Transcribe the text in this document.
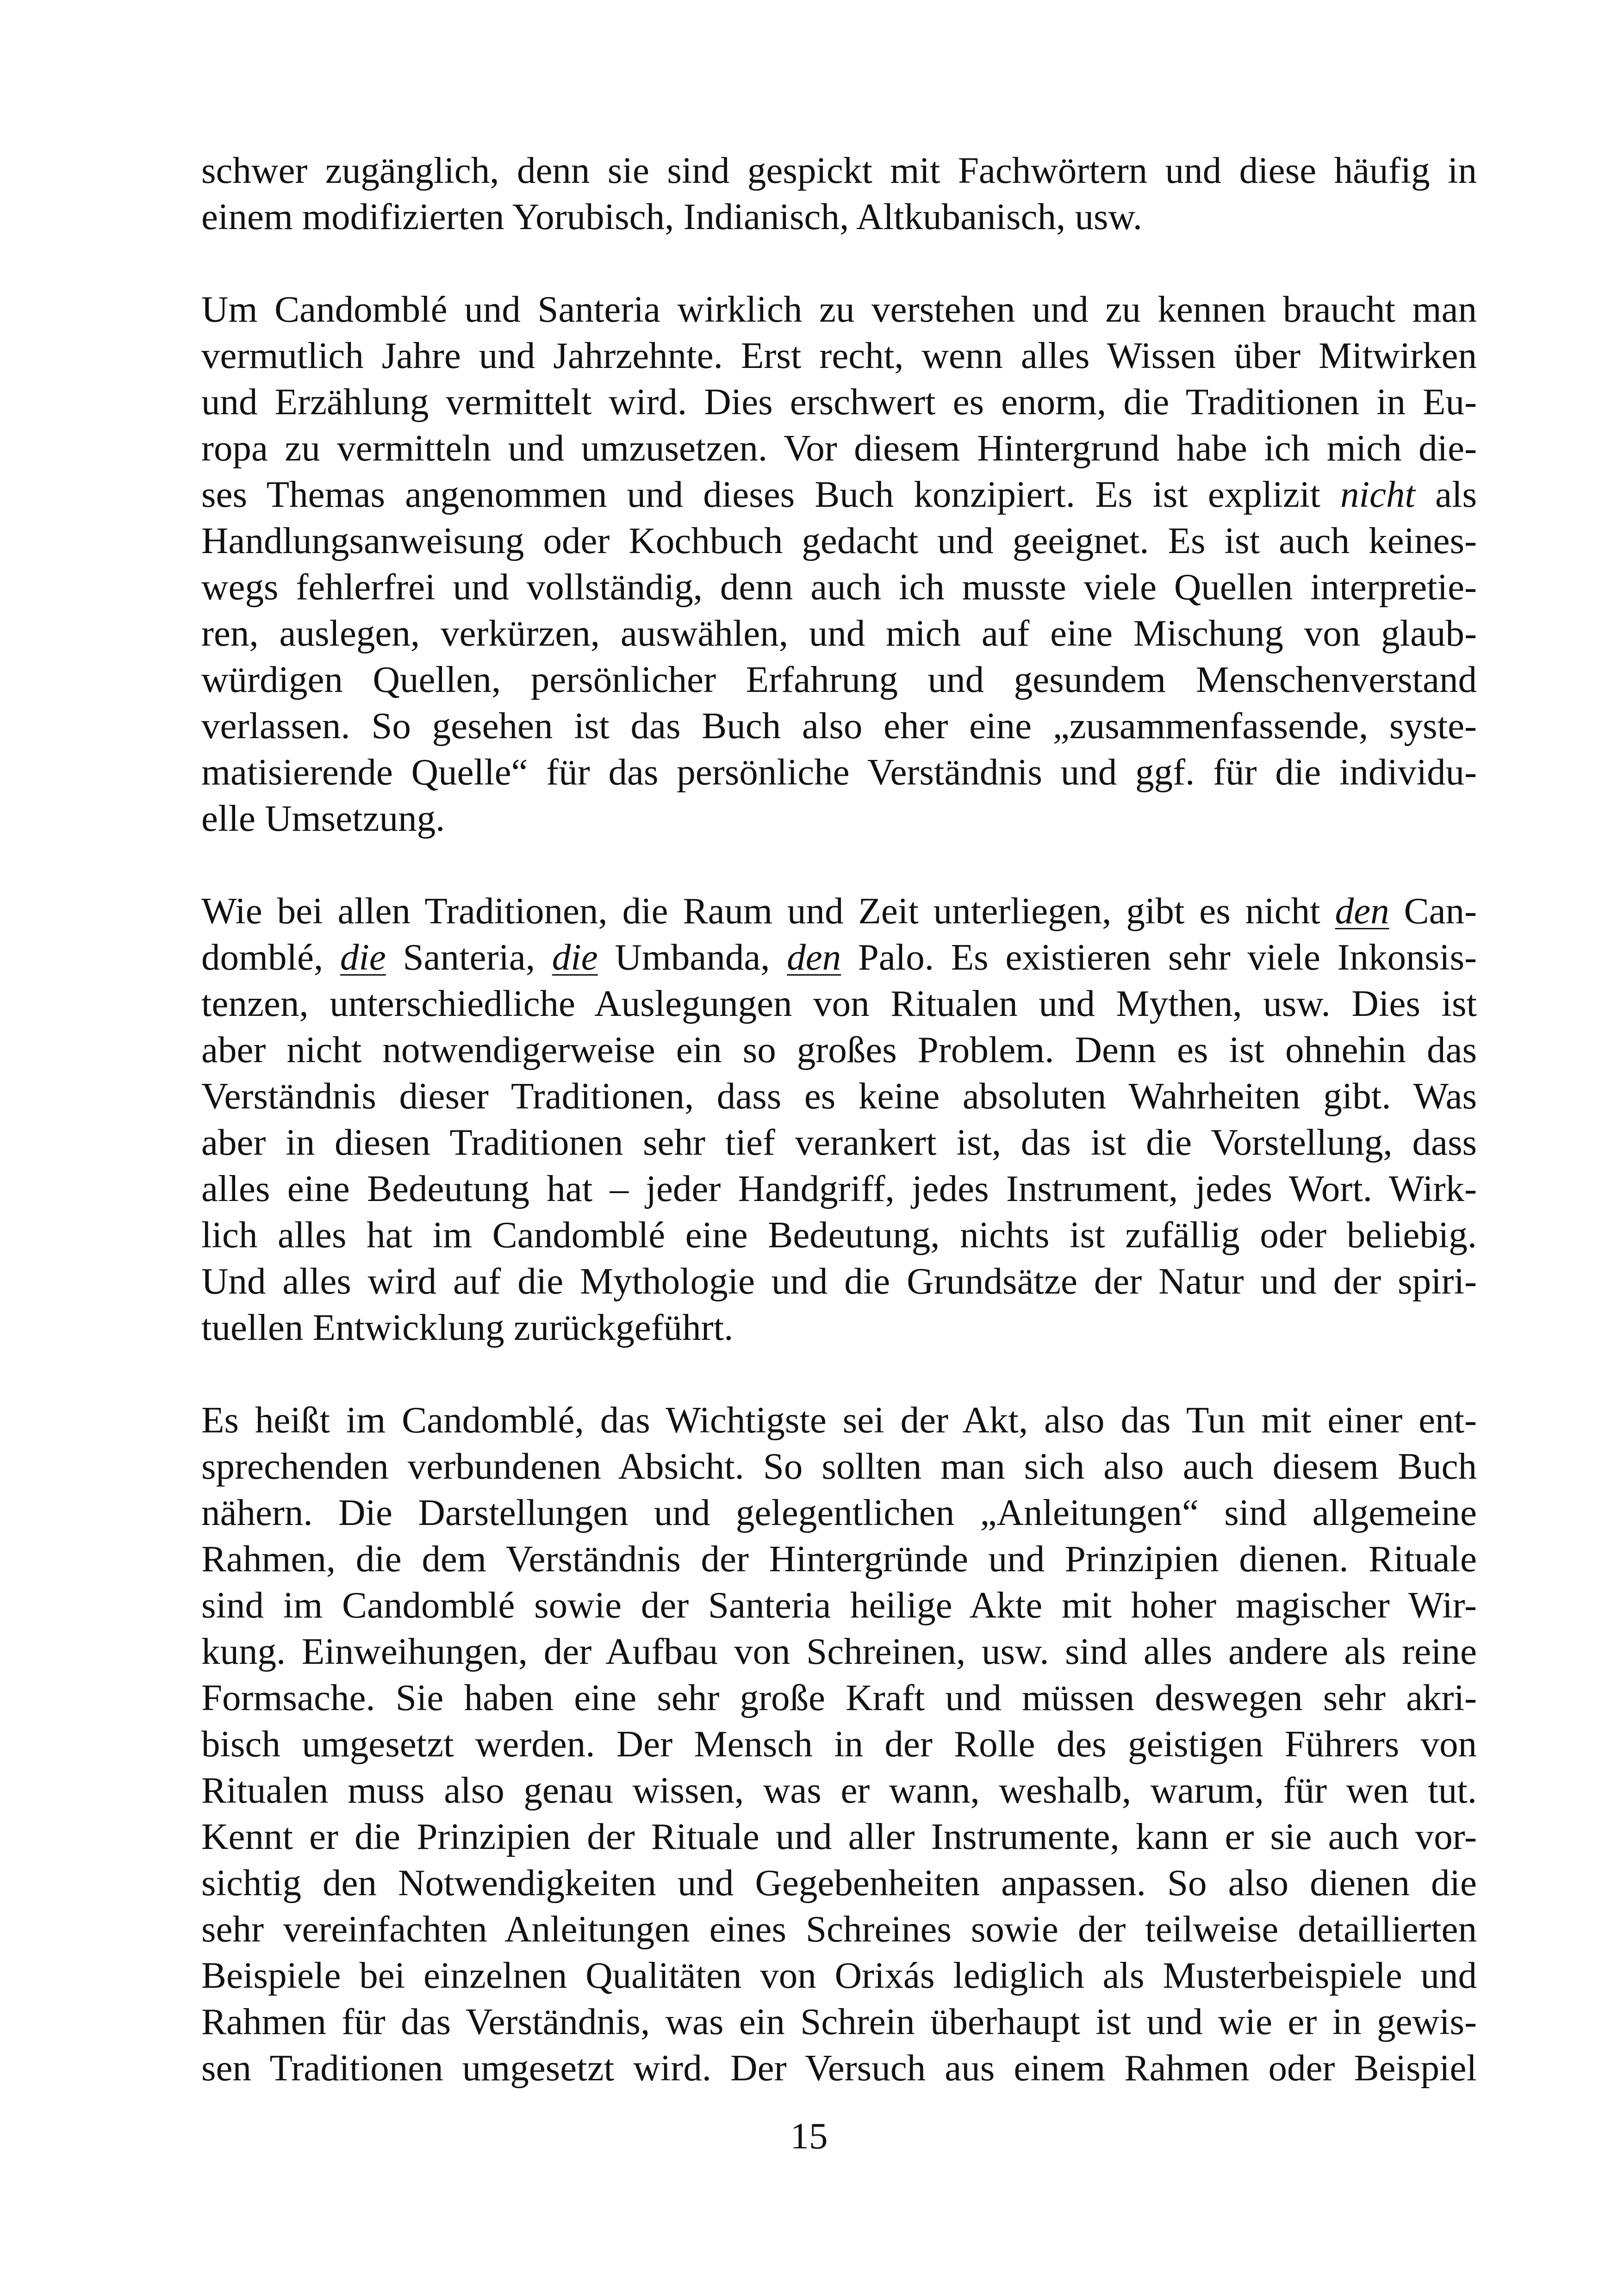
schwer zugänglich, denn sie sind gespickt mit Fachwörtern und diese häufig in
einem modifizierten Yorubisch, Indianisch, Altkubanisch, usw.
Um Candomblé und Santeria wirklich zu verstehen und zu kennen braucht man
vermutlich Jahre und Jahrzehnte. Erst recht, wenn alles Wissen über Mitwirken
und Erzählung vermittelt wird. Dies erschwert es enorm, die Traditionen in Eu-
ropa zu vermitteln und umzusetzen. Vor diesem Hintergrund habe ich mich die-
ses Themas angenommen und dieses Buch konzipiert. Es ist explizit nicht als
Handlungsanweisung oder Kochbuch gedacht und geeignet. Es ist auch keines-
wegs fehlerfrei und vollständig, denn auch ich musste viele Quellen interpretie-
ren, auslegen, verkürzen, auswählen, und mich auf eine Mischung von glaub-
würdigen Quellen, persönlicher Erfahrung und gesundem Menschenverstand
verlassen. So gesehen ist das Buch also eher eine „zusammenfassende, syste-
matisierende Quelle“ für das persönliche Verständnis und ggf. für die individu-
elle Umsetzung.
Wie bei allen Traditionen, die Raum und Zeit unterliegen, gibt es nicht den Can-
domblé, die Santeria, die Umbanda, den Palo. Es existieren sehr viele Inkonsis-
tenzen, unterschiedliche Auslegungen von Ritualen und Mythen, usw. Dies ist
aber nicht notwendigerweise ein so großes Problem. Denn es ist ohnehin das
Verständnis dieser Traditionen, dass es keine absoluten Wahrheiten gibt. Was
aber in diesen Traditionen sehr tief verankert ist, das ist die Vorstellung, dass
alles eine Bedeutung hat – jeder Handgriff, jedes Instrument, jedes Wort. Wirk-
lich alles hat im Candomblé eine Bedeutung, nichts ist zufällig oder beliebig.
Und alles wird auf die Mythologie und die Grundsätze der Natur und der spiri-
tuellen Entwicklung zurückgeführt.
Es heißt im Candomblé, das Wichtigste sei der Akt, also das Tun mit einer ent-
sprechenden verbundenen Absicht. So sollten man sich also auch diesem Buch
nähern. Die Darstellungen und gelegentlichen „Anleitungen“ sind allgemeine
Rahmen, die dem Verständnis der Hintergründe und Prinzipien dienen. Rituale
sind im Candomblé sowie der Santeria heilige Akte mit hoher magischer Wir-
kung. Einweihungen, der Aufbau von Schreinen, usw. sind alles andere als reine
Formsache. Sie haben eine sehr große Kraft und müssen deswegen sehr akri-
bisch umgesetzt werden. Der Mensch in der Rolle des geistigen Führers von
Ritualen muss also genau wissen, was er wann, weshalb, warum, für wen tut.
Kennt er die Prinzipien der Rituale und aller Instrumente, kann er sie auch vor-
sichtig den Notwendigkeiten und Gegebenheiten anpassen. So also dienen die
sehr vereinfachten Anleitungen eines Schreines sowie der teilweise detaillierten
Beispiele bei einzelnen Qualitäten von Orixás lediglich als Musterbeispiele und
Rahmen für das Verständnis, was ein Schrein überhaupt ist und wie er in gewis-
sen Traditionen umgesetzt wird. Der Versuch aus einem Rahmen oder Beispiel
15
